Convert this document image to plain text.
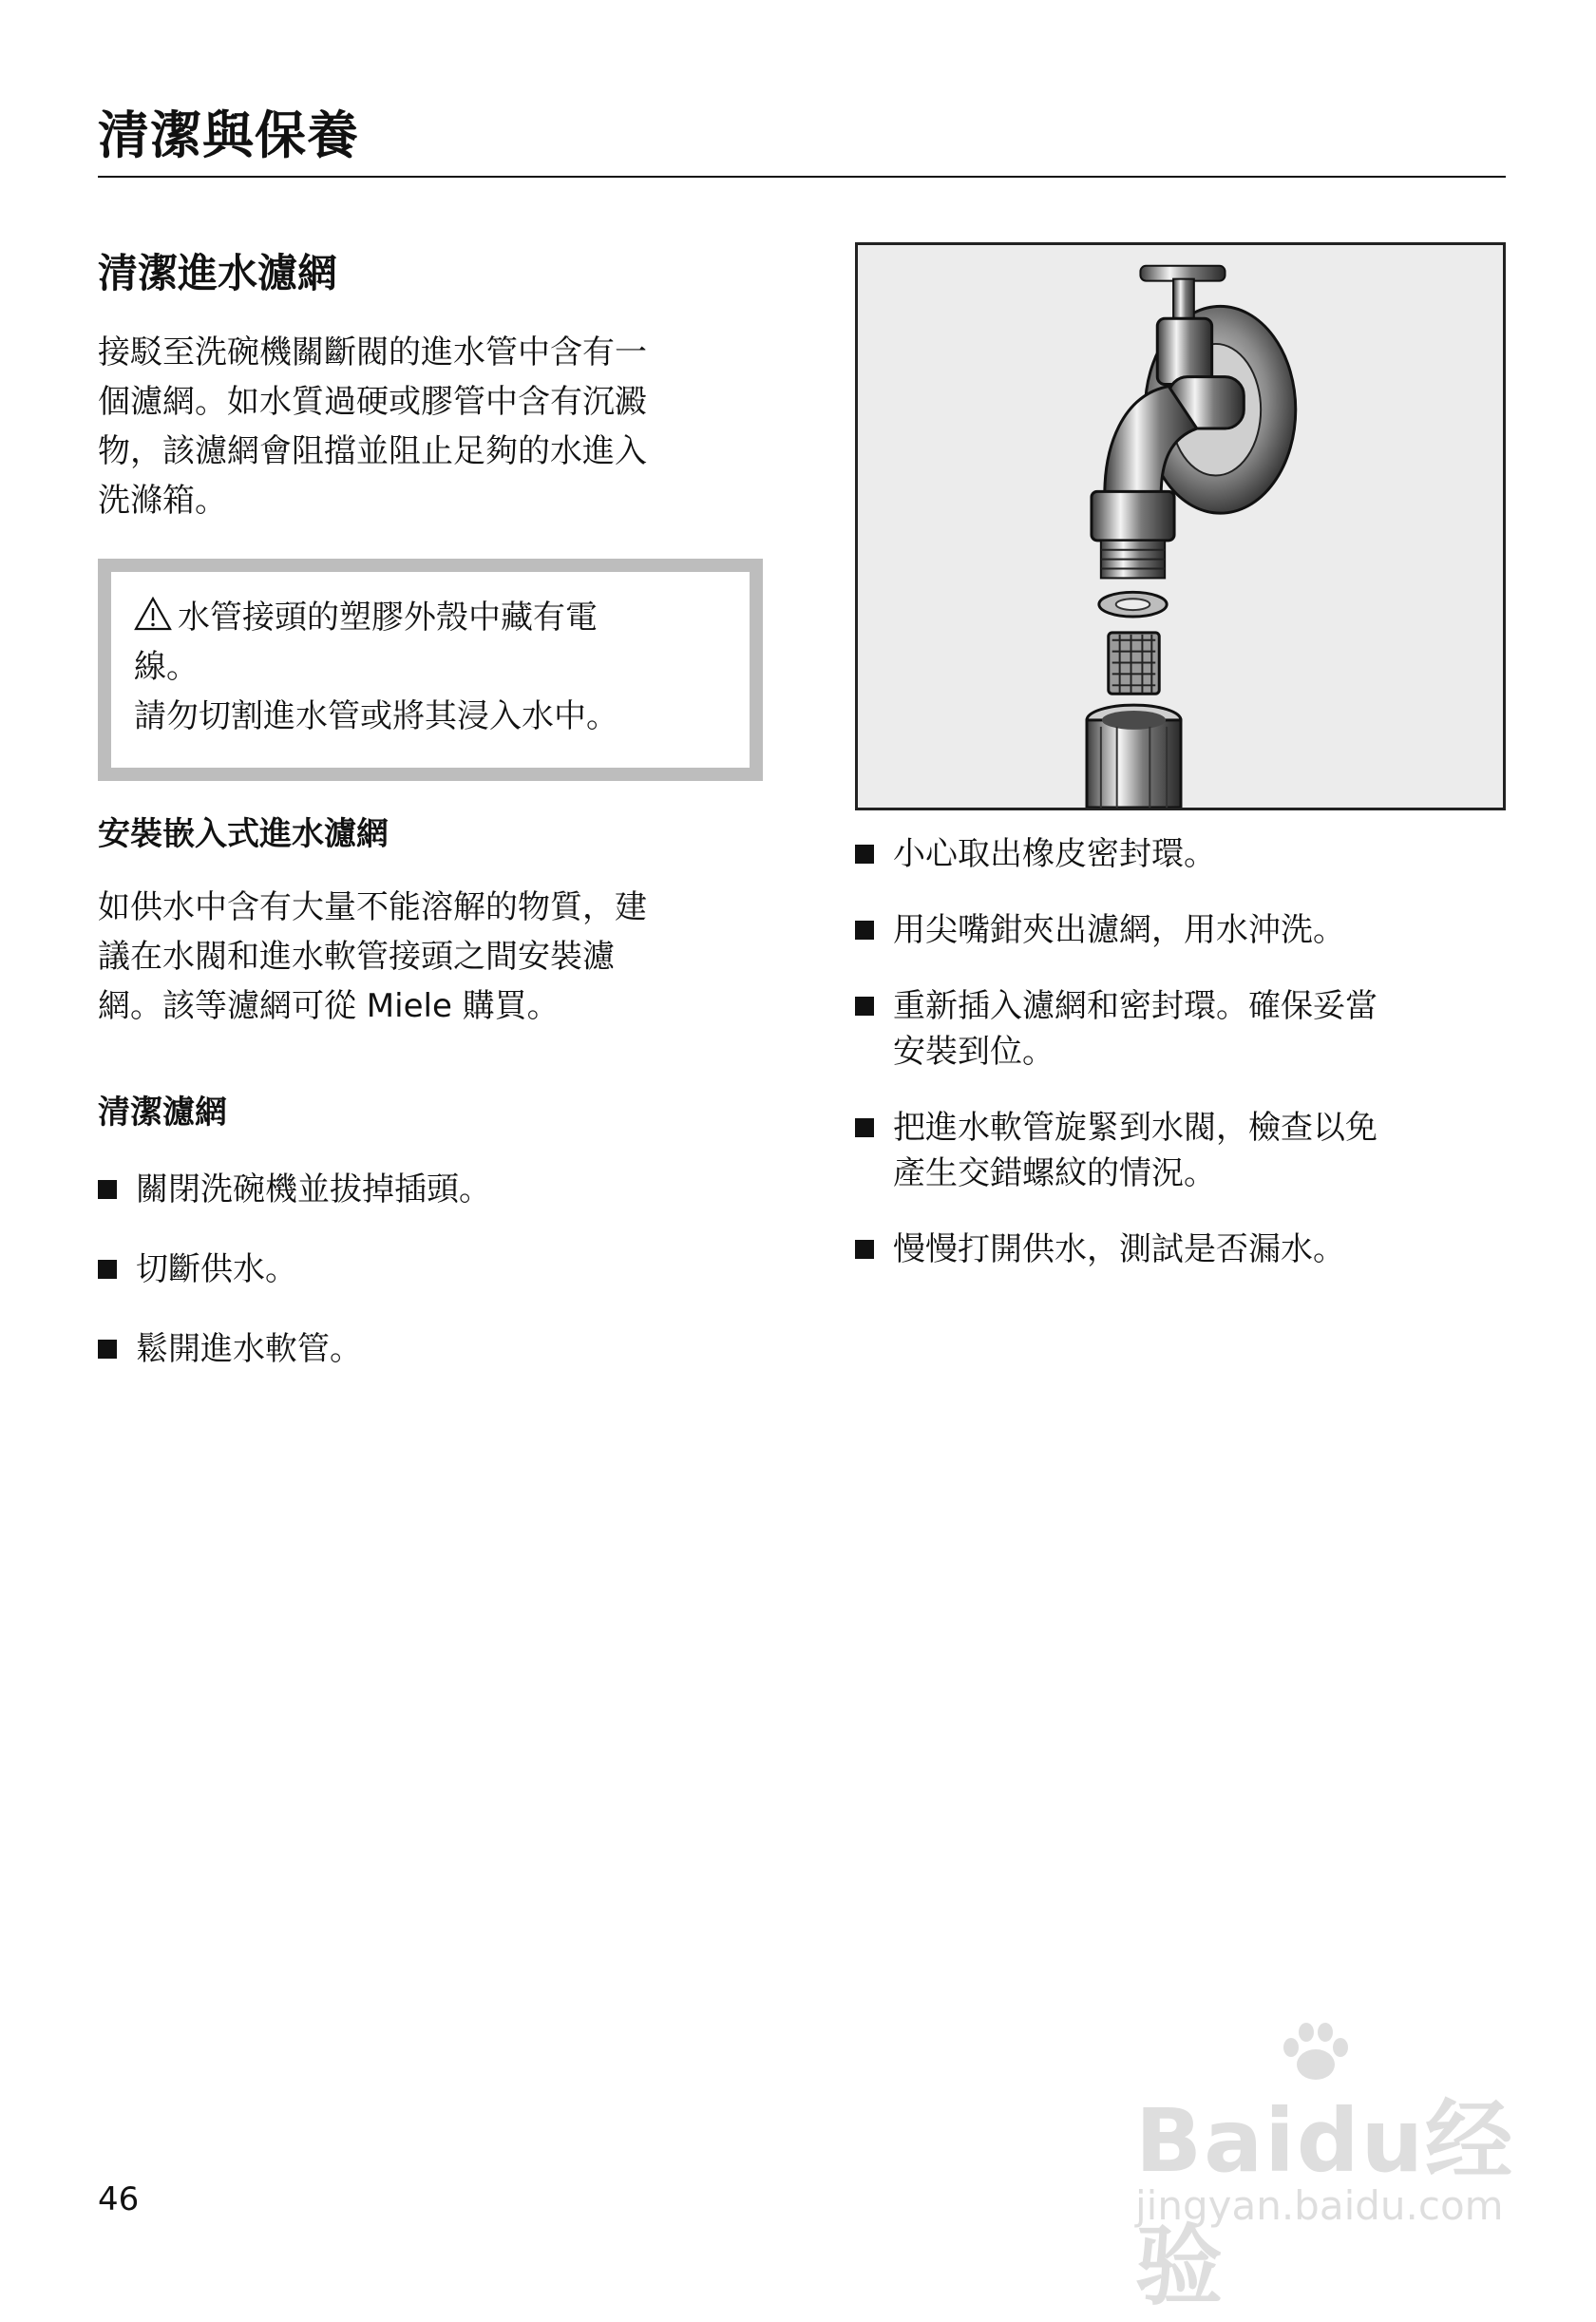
清潔與保養
清潔進水濾網

接駁至洗碗機關斷閥的進水管中含有一
個濾網。如水質過硬或膠管中含有沉澱
物，該濾網會阻擋並阻止足夠的水進入
洗滌箱。

水管接頭的塑膠外殼中藏有電
線。
請勿切割進水管或將其浸入水中。
安裝嵌入式進水濾網

如供水中含有大量不能溶解的物質，建
議在水閥和進水軟管接頭之間安裝濾
網。該等濾網可從 Miele 購買。

清潔濾網
關閉洗碗機並拔掉插頭。
切斷供水。
鬆開進水軟管。
小心取出橡皮密封環。
用尖嘴鉗夾出濾網，用水沖洗。
重新插入濾網和密封環。確保妥當
安裝到位。
把進水軟管旋緊到水閥，檢查以免
產生交錯螺紋的情況。
慢慢打開供水，測試是否漏水。
46
Baidu经验
jingyan.baidu.com
